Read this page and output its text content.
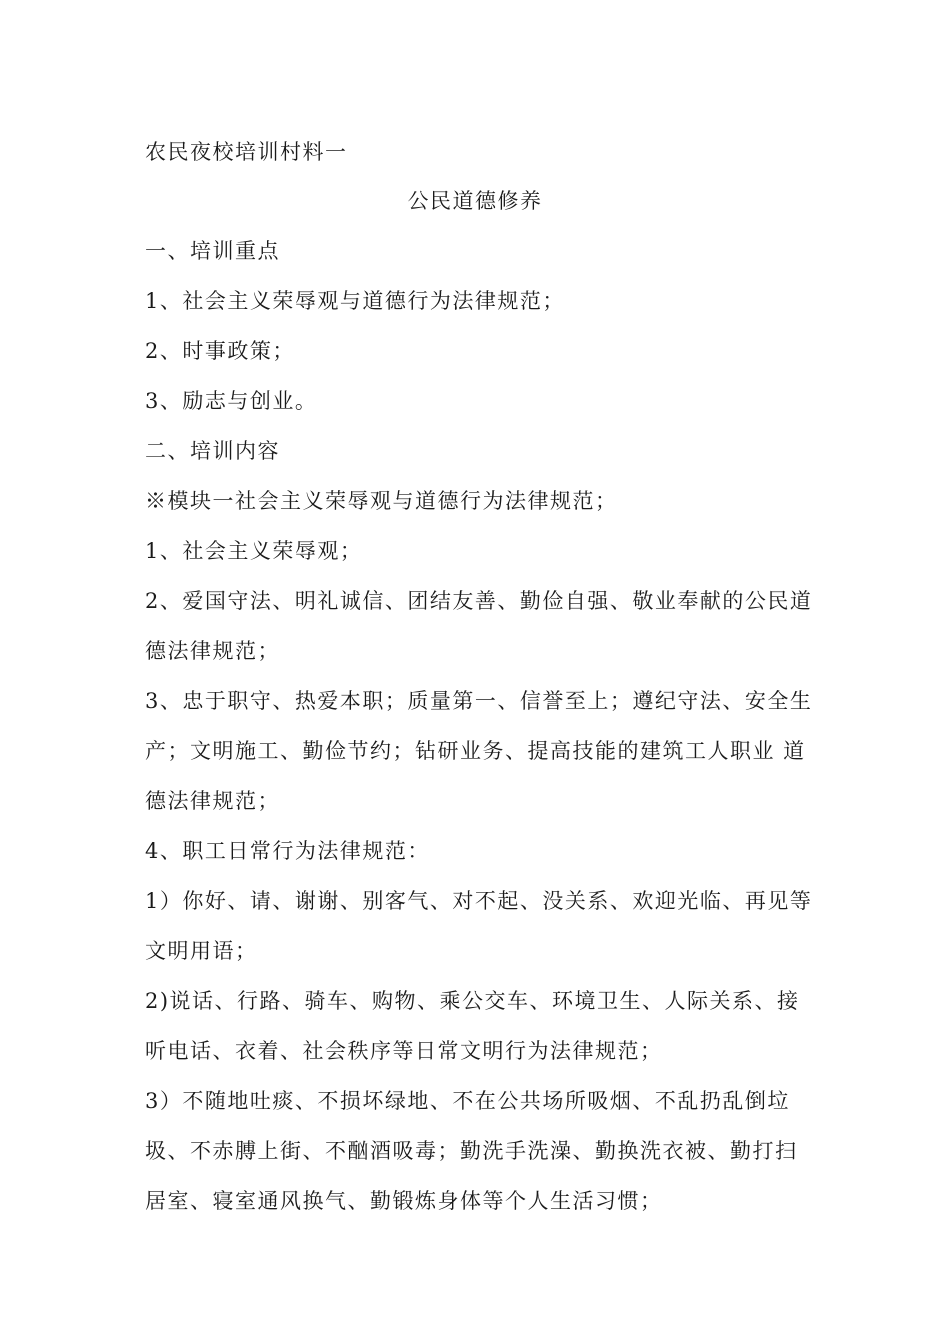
农民夜校培训村料一
公民道德修养
一、培训重点
1、社会主义荣辱观与道德行为法律规范；
2、时事政策；
3、励志与创业。
二、培训内容
※模块一社会主义荣辱观与道德行为法律规范；
1、社会主义荣辱观；
2、爱国守法、明礼诚信、团结友善、勤俭自强、敬业奉献的公民道
德法律规范；
3、忠于职守、热爱本职；质量第一、信誉至上；遵纪守法、安全生
产；文明施工、勤俭节约；钻研业务、提高技能的建筑工人职业 道
德法律规范；
4、职工日常行为法律规范：
1）你好、请、谢谢、别客气、对不起、没关系、欢迎光临、再见等
文明用语；
2)说话、行路、骑车、购物、乘公交车、环境卫生、人际关系、接
听电话、衣着、社会秩序等日常文明行为法律规范；
3）不随地吐痰、不损坏绿地、不在公共场所吸烟、不乱扔乱倒垃
圾、不赤膊上街、不酗酒吸毒；勤洗手洗澡、勤换洗衣被、勤打扫
居室、寝室通风换气、勤锻炼身体等个人生活习惯；
